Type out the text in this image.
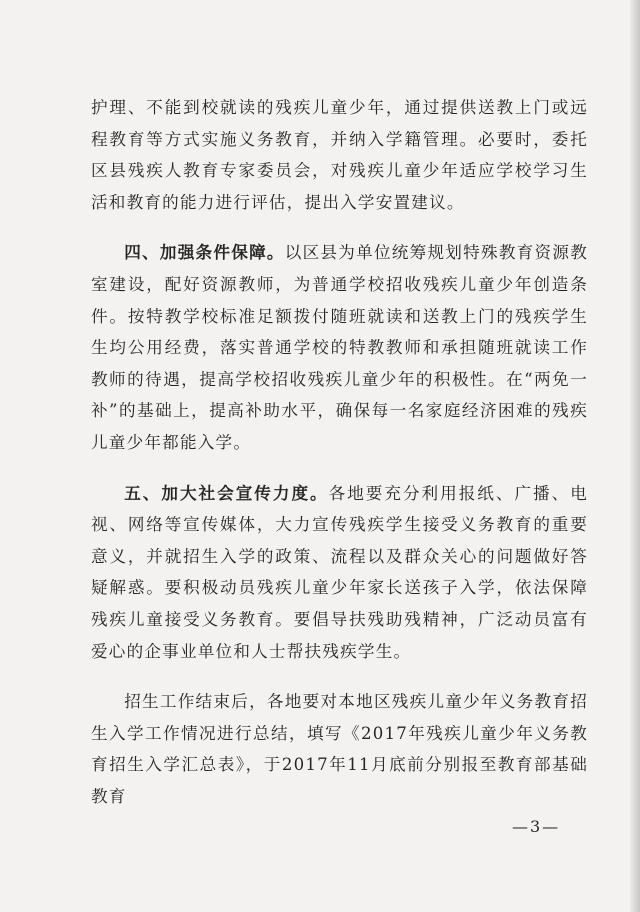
护理、不能到校就读的残疾儿童少年，通过提供送教上门或远程教育等方式实施义务教育，并纳入学籍管理。必要时，委托区县残疾人教育专家委员会，对残疾儿童少年适应学校学习生活和教育的能力进行评估，提出入学安置建议。

四、加强条件保障。以区县为单位统筹规划特殊教育资源教室建设，配好资源教师，为普通学校招收残疾儿童少年创造条件。按特教学校标准足额拨付随班就读和送教上门的残疾学生生均公用经费，落实普通学校的特教教师和承担随班就读工作教师的待遇，提高学校招收残疾儿童少年的积极性。在“两免一补”的基础上，提高补助水平，确保每一名家庭经济困难的残疾儿童少年都能入学。

五、加大社会宣传力度。各地要充分利用报纸、广播、电视、网络等宣传媒体，大力宣传残疾学生接受义务教育的重要意义，并就招生入学的政策、流程以及群众关心的问题做好答疑解惑。要积极动员残疾儿童少年家长送孩子入学，依法保障残疾儿童接受义务教育。要倡导扶残助残精神，广泛动员富有爱心的企事业单位和人士帮扶残疾学生。

招生工作结束后，各地要对本地区残疾儿童少年义务教育招生入学工作情况进行总结，填写《2017年残疾儿童少年义务教育招生入学汇总表》，于2017年11月底前分别报至教育部基础教育

—3—
